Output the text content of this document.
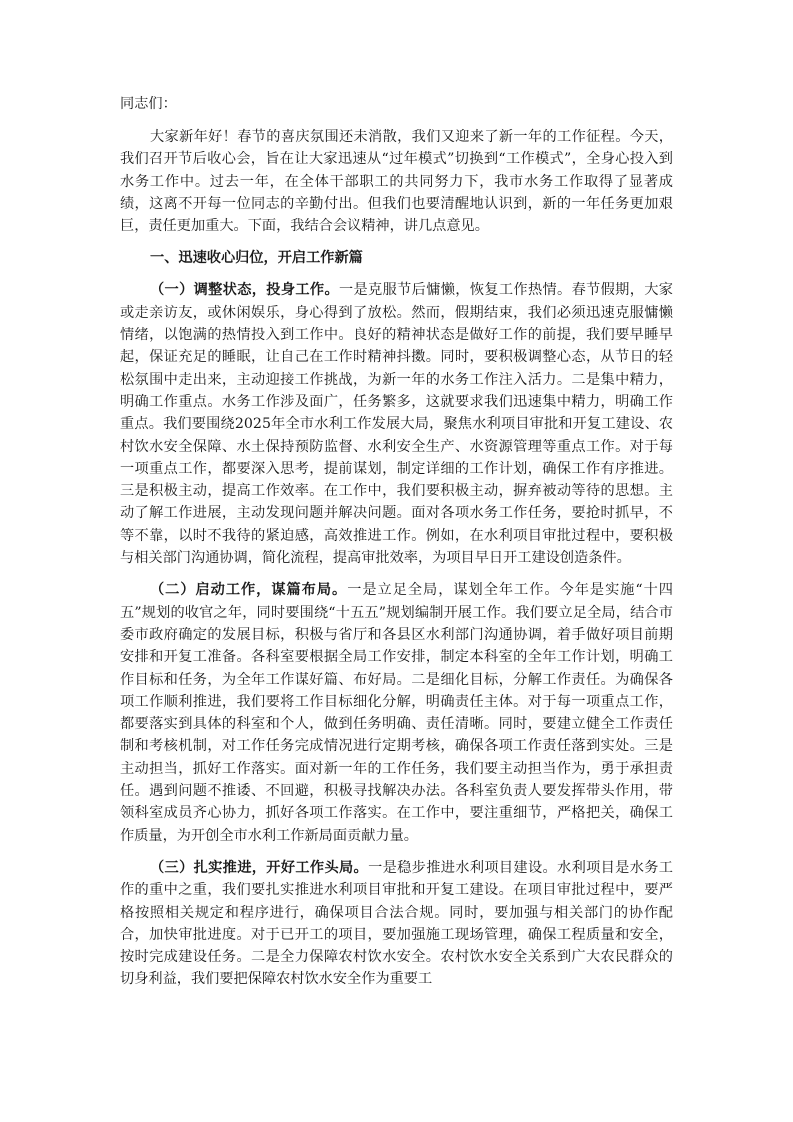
同志们：

大家新年好！春节的喜庆氛围还未消散，我们又迎来了新一年的工作征程。今天，我们召开节后收心会，旨在让大家迅速从“过年模式”切换到“工作模式”，全身心投入到水务工作中。过去一年，在全体干部职工的共同努力下，我市水务工作取得了显著成绩，这离不开每一位同志的辛勤付出。但我们也要清醒地认识到，新的一年任务更加艰巨，责任更加重大。下面，我结合会议精神，讲几点意见。

一、迅速收心归位，开启工作新篇

（一）调整状态，投身工作。一是克服节后慵懒，恢复工作热情。春节假期，大家或走亲访友，或休闲娱乐，身心得到了放松。然而，假期结束，我们必须迅速克服慵懒情绪，以饱满的热情投入到工作中。良好的精神状态是做好工作的前提，我们要早睡早起，保证充足的睡眠，让自己在工作时精神抖擞。同时，要积极调整心态，从节日的轻松氛围中走出来，主动迎接工作挑战，为新一年的水务工作注入活力。二是集中精力，明确工作重点。水务工作涉及面广，任务繁多，这就要求我们迅速集中精力，明确工作重点。我们要围绕2025年全市水利工作发展大局，聚焦水利项目审批和开复工建设、农村饮水安全保障、水土保持预防监督、水利安全生产、水资源管理等重点工作。对于每一项重点工作，都要深入思考，提前谋划，制定详细的工作计划，确保工作有序推进。三是积极主动，提高工作效率。在工作中，我们要积极主动，摒弃被动等待的思想。主动了解工作进展，主动发现问题并解决问题。面对各项水务工作任务，要抢时抓早，不等不靠，以时不我待的紧迫感，高效推进工作。例如，在水利项目审批过程中，要积极与相关部门沟通协调，简化流程，提高审批效率，为项目早日开工建设创造条件。

（二）启动工作，谋篇布局。一是立足全局，谋划全年工作。今年是实施“十四五”规划的收官之年，同时要围绕“十五五”规划编制开展工作。我们要立足全局，结合市委市政府确定的发展目标，积极与省厅和各县区水利部门沟通协调，着手做好项目前期安排和开复工准备。各科室要根据全局工作安排，制定本科室的全年工作计划，明确工作目标和任务，为全年工作谋好篇、布好局。二是细化目标，分解工作责任。为确保各项工作顺利推进，我们要将工作目标细化分解，明确责任主体。对于每一项重点工作，都要落实到具体的科室和个人，做到任务明确、责任清晰。同时，要建立健全工作责任制和考核机制，对工作任务完成情况进行定期考核，确保各项工作责任落到实处。三是主动担当，抓好工作落实。面对新一年的工作任务，我们要主动担当作为，勇于承担责任。遇到问题不推诿、不回避，积极寻找解决办法。各科室负责人要发挥带头作用，带领科室成员齐心协力，抓好各项工作落实。在工作中，要注重细节，严格把关，确保工作质量，为开创全市水利工作新局面贡献力量。

（三）扎实推进，开好工作头局。一是稳步推进水利项目建设。水利项目是水务工作的重中之重，我们要扎实推进水利项目审批和开复工建设。在项目审批过程中，要严格按照相关规定和程序进行，确保项目合法合规。同时，要加强与相关部门的协作配合，加快审批进度。对于已开工的项目，要加强施工现场管理，确保工程质量和安全，按时完成建设任务。二是全力保障农村饮水安全。农村饮水安全关系到广大农民群众的切身利益，我们要把保障农村饮水安全作为重要工
